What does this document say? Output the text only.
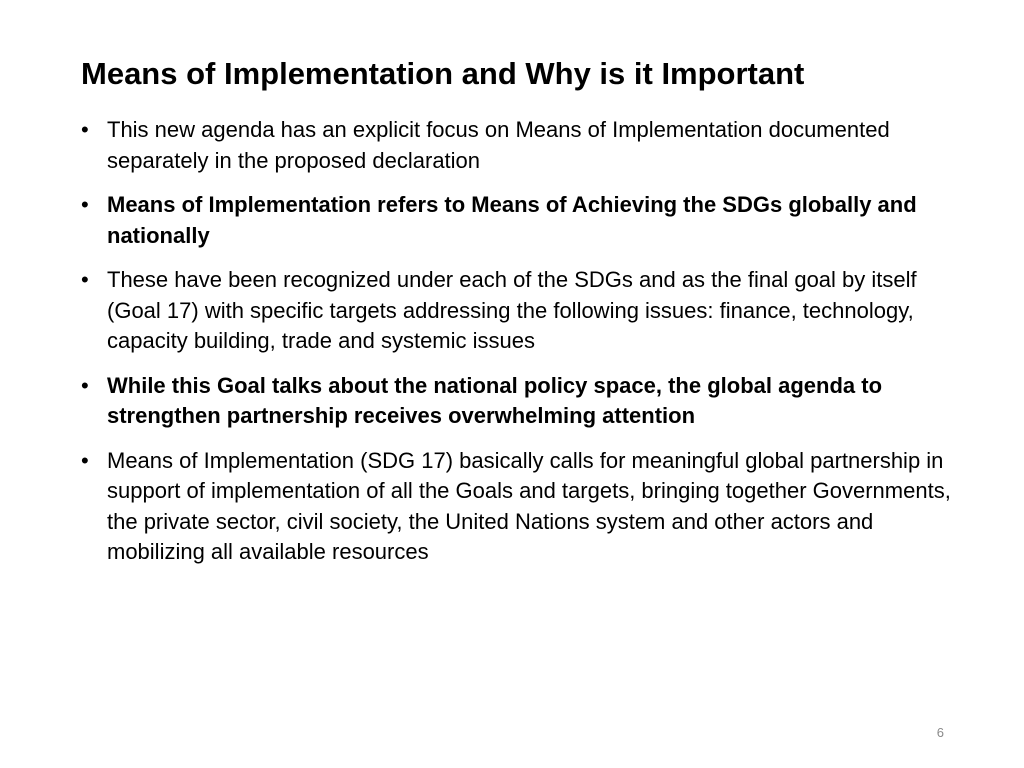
Means of Implementation and Why is it Important
• This new agenda has an explicit focus on Means of Implementation documented separately in the proposed declaration
• Means of Implementation refers to Means of Achieving the SDGs globally and nationally
• These have been recognized under each of the SDGs and as the final goal by itself (Goal 17) with specific targets addressing the following issues: finance, technology, capacity building, trade and systemic issues
• While this Goal talks about the national policy space, the global agenda to strengthen partnership receives overwhelming attention
• Means of Implementation (SDG 17) basically calls for meaningful global partnership in support of implementation of all the Goals and targets, bringing together Governments, the private sector, civil society, the United Nations system and other actors and mobilizing all available resources
6
